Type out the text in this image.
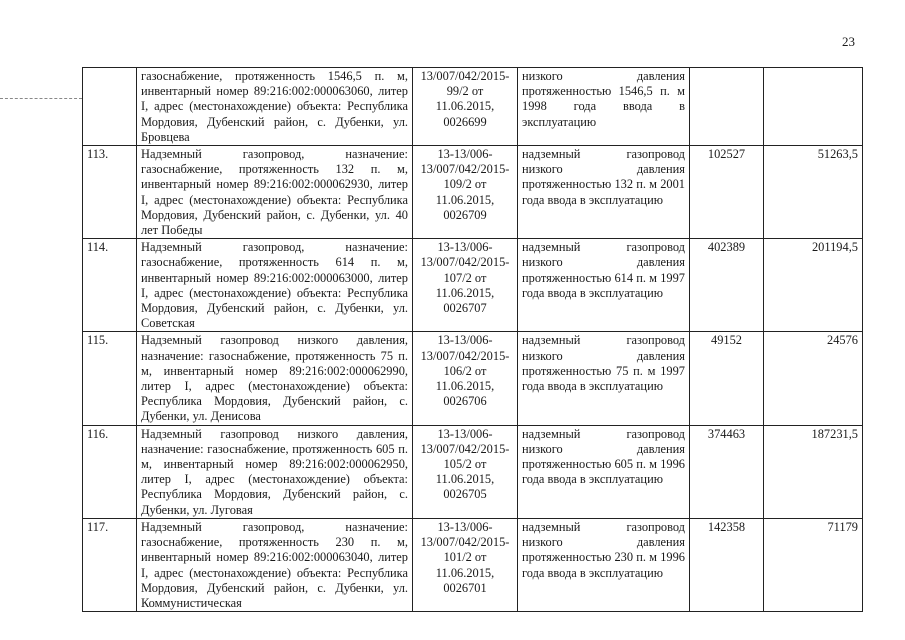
23
	газоснабжение, протяженность 1546,5 п. м, инвентарный номер 89:216:002:000063060, литер I, адрес (местонахождение) объекта: Республика Мордовия, Дубенский район, с. Дубенки, ул. Бровцева	13/007/042/2015-99/2 от 11.06.2015, 0026699	низкого давления протяженностью 1546,5 п. м 1998 года ввода в эксплуатацию		
113.	Надземный газопровод, назначение: газоснабжение, протяженность 132 п. м, инвентарный номер 89:216:002:000062930, литер I, адрес (местонахождение) объекта: Республика Мордовия, Дубенский район, с. Дубенки, ул. 40 лет Победы	13-13/006-13/007/042/2015-109/2 от 11.06.2015, 0026709	надземный газопровод низкого давления протяженностью 132 п. м 2001 года ввода в эксплуатацию	102527	51263,5
114.	Надземный газопровод, назначение: газоснабжение, протяженность 614 п. м, инвентарный номер 89:216:002:000063000, литер I, адрес (местонахождение) объекта: Республика Мордовия, Дубенский район, с. Дубенки, ул. Советская	13-13/006-13/007/042/2015-107/2 от 11.06.2015, 0026707	надземный газопровод низкого давления протяженностью 614 п. м 1997 года ввода в эксплуатацию	402389	201194,5
115.	Надземный газопровод низкого давления, назначение: газоснабжение, протяженность 75 п. м, инвентарный номер 89:216:002:000062990, литер I, адрес (местонахождение) объекта: Республика Мордовия, Дубенский район, с. Дубенки, ул. Денисова	13-13/006-13/007/042/2015-106/2 от 11.06.2015, 0026706	надземный газопровод низкого давления протяженностью 75 п. м 1997 года ввода в эксплуатацию	49152	24576
116.	Надземный газопровод низкого давления, назначение: газоснабжение, протяженность 605 п. м, инвентарный номер 89:216:002:000062950, литер I, адрес (местонахождение) объекта: Республика Мордовия, Дубенский район, с. Дубенки, ул. Луговая	13-13/006-13/007/042/2015-105/2 от 11.06.2015, 0026705	надземный газопровод низкого давления протяженностью 605 п. м 1996 года ввода в эксплуатацию	374463	187231,5
117.	Надземный газопровод, назначение: газоснабжение, протяженность 230 п. м, инвентарный номер 89:216:002:000063040, литер I, адрес (местонахождение) объекта: Республика Мордовия, Дубенский район, с. Дубенки, ул. Коммунистическая	13-13/006-13/007/042/2015-101/2 от 11.06.2015, 0026701	надземный газопровод низкого давления протяженностью 230 п. м 1996 года ввода в эксплуатацию	142358	71179
